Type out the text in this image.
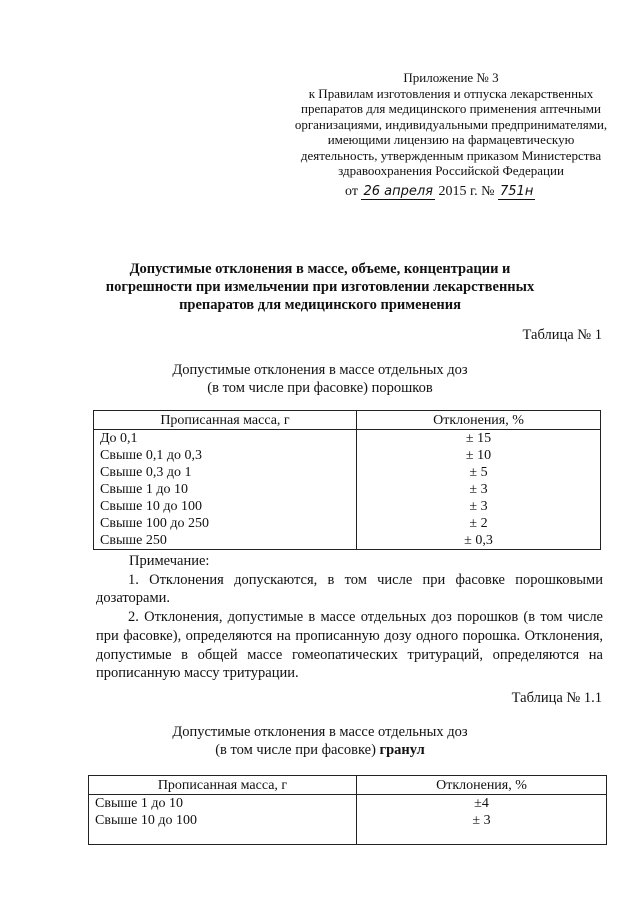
Приложение № 3
к Правилам изготовления и отпуска лекарственных
препаратов для медицинского применения аптечными
организациями, индивидуальными предпринимателями,
имеющими лицензию на фармацевтическую
деятельность, утвержденным приказом Министерства
здравоохранения Российской Федерации
от 26 апреля 2015 г. № 751н
Допустимые отклонения в массе, объеме, концентрации и погрешности при измельчении при изготовлении лекарственных препаратов для медицинского применения
Таблица № 1
Допустимые отклонения в массе отдельных доз
(в том числе при фасовке) порошков
Прописанная масса, г	Отклонения, %
До 0,1	± 15
Свыше 0,1 до 0,3	± 10
Свыше 0,3 до 1	± 5
Свыше 1 до 10	± 3
Свыше 10 до 100	± 3
Свыше 100 до 250	± 2
Свыше 250	± 0,3

Примечание:

1. Отклонения допускаются, в том числе при фасовке порошковыми дозаторами.

2. Отклонения, допустимые в массе отдельных доз порошков (в том числе при фасовке), определяются на прописанную дозу одного порошка. Отклонения, допустимые в общей массе гомеопатических тритураций, определяются на прописанную массу тритурации.

Таблица № 1.1
Допустимые отклонения в массе отдельных доз
(в том числе при фасовке) гранул
Прописанная масса, г	Отклонения, %
Свыше 1 до 10	±4
Свыше 10 до 100	± 3
